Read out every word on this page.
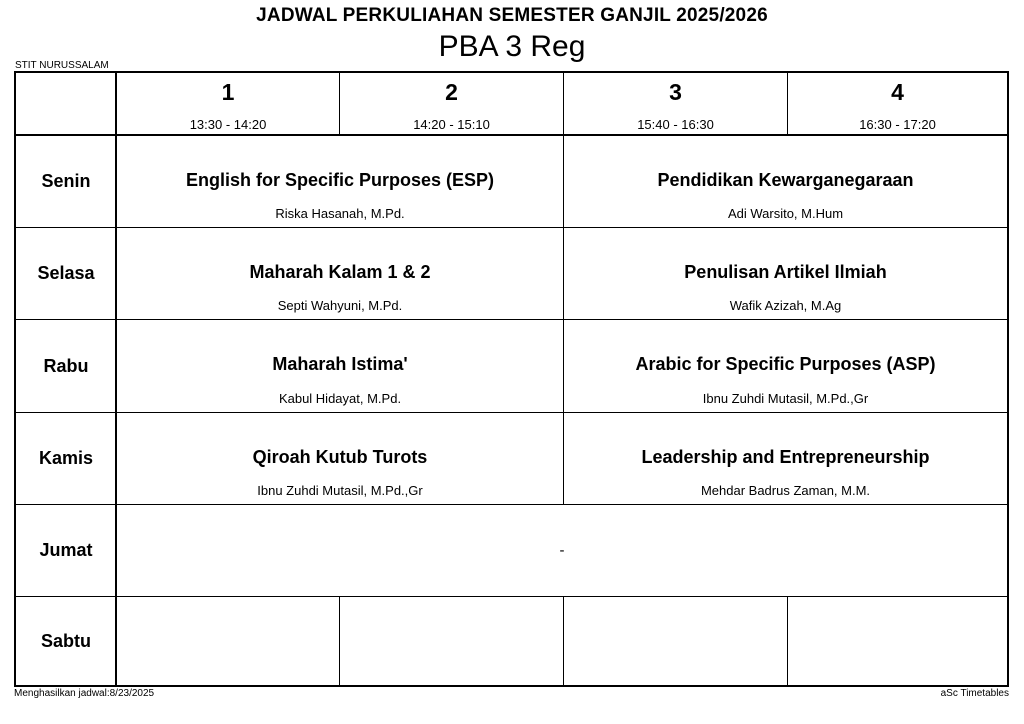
JADWAL PERKULIAHAN SEMESTER GANJIL 2025/2026
PBA 3 Reg
STIT NURUSSALAM
1
13:30 - 14:20
2
14:20 - 15:10
3
15:40 - 16:30
4
16:30 - 17:20
Senin
Selasa
Rabu
Kamis
Jumat
Sabtu
English for Specific Purposes (ESP)
Riska Hasanah, M.Pd.
Pendidikan Kewarganegaraan
Adi Warsito, M.Hum
Maharah Kalam 1 & 2
Septi Wahyuni, M.Pd.
Penulisan Artikel Ilmiah
Wafik Azizah, M.Ag
Maharah Istima'
Kabul Hidayat, M.Pd.
Arabic for Specific Purposes (ASP)
Ibnu Zuhdi Mutasil, M.Pd.,Gr
Qiroah Kutub Turots
Ibnu Zuhdi Mutasil, M.Pd.,Gr
Leadership and Entrepreneurship
Mehdar Badrus Zaman, M.M.
-
Menghasilkan jadwal:8/23/2025	aSc Timetables
